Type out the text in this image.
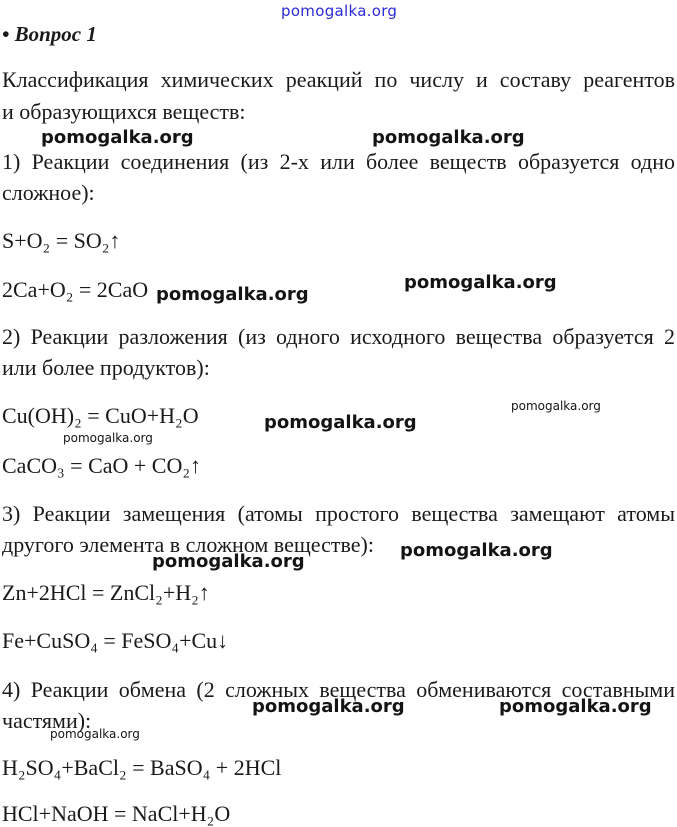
pomogalka.org
• Вопрос 1
Классификация химических реакций по числу и составу реагентов
и образующихся веществ:
1) Реакции соединения (из 2-х или более веществ образуется одно
сложное):
S+O₂ = SO₂↑
2Ca+O₂ = 2CaO
2) Реакции разложения (из одного исходного вещества образуется 2
или более продуктов):
Cu(OH)₂ = CuO+H₂O
CaCO₃ = CaO + CO₂↑
3) Реакции замещения (атомы простого вещества замещают атомы
другого элемента в сложном веществе):
Zn+2HCl = ZnCl₂+H₂↑
Fe+CuSO₄ = FeSO₄+Cu↓
4) Реакции обмена (2 сложных вещества обмениваются составными
частями):
H₂SO₄+BaCl₂ = BaSO₄ + 2HCl
HCl+NaOH = NaCl+H₂O
pomogalka.org	pomogalka.org
pomogalka.org
pomogalka.org
pomogalka.org
pomogalka.org
pomogalka.org
pomogalka.org
pomogalka.org
pomogalka.org	pomogalka.org
pomogalka.org
